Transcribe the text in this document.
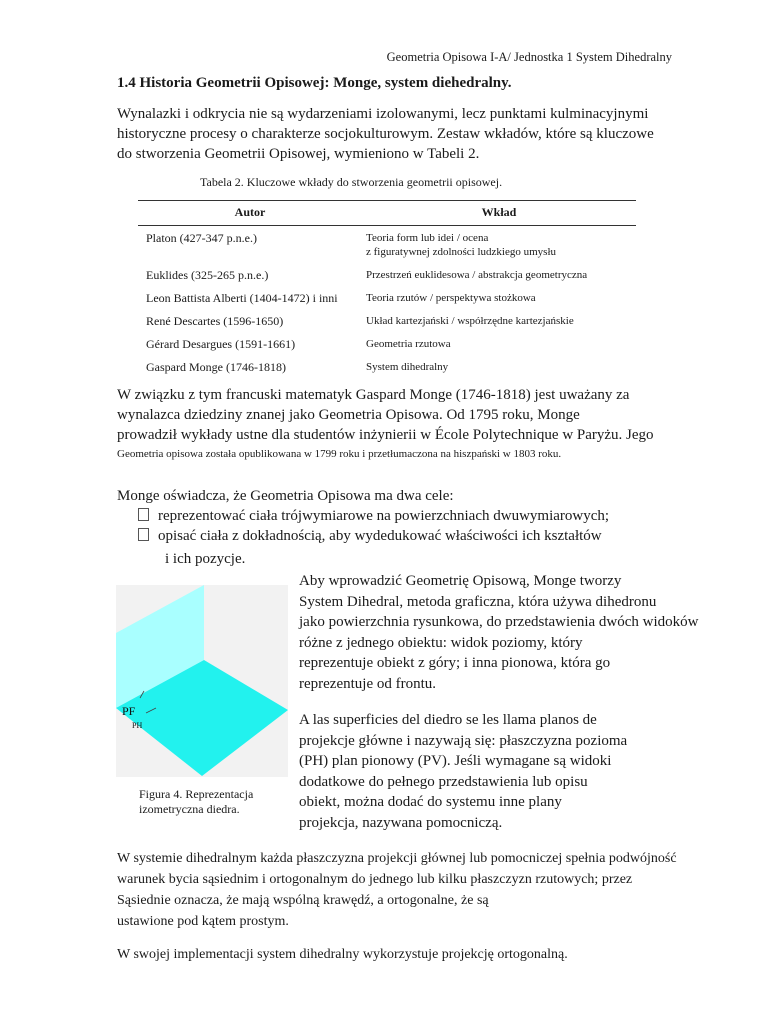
Geometria Opisowa I-A/ Jednostka 1 System Dihedralny
1.4 Historia Geometrii Opisowej: Monge, system diehedralny.
Wynalazki i odkrycia nie są wydarzeniami izolowanymi, lecz punktami kulminacyjnymi
historyczne procesy o charakterze socjokulturowym. Zestaw wkładów, które są kluczowe
do stworzenia Geometrii Opisowej, wymieniono w Tabeli 2.
Tabela 2. Kluczowe wkłady do stworzenia geometrii opisowej.
Autor	Wkład
Platon (427-347 p.n.e.)	Teoria form lub idei / ocena
z figuratywnej zdolności ludzkiego umysłu

Euklides (325-265 p.n.e.)	Przestrzeń euklidesowa / abstrakcja geometryczna
Leon Battista Alberti (1404-1472) i inni	Teoria rzutów / perspektywa stożkowa
René Descartes (1596-1650)	Układ kartezjański / współrzędne kartezjańskie
Gérard Desargues (1591-1661)	Geometria rzutowa
Gaspard Monge (1746-1818)	System dihedralny
W związku z tym francuski matematyk Gaspard Monge (1746-1818) jest uważany za
wynalazca dziedziny znanej jako Geometria Opisowa. Od 1795 roku, Monge
prowadził wykłady ustne dla studentów inżynierii w École Polytechnique w Paryżu. Jego
Geometria opisowa została opublikowana w 1799 roku i przetłumaczona na hiszpański w 1803 roku.
Monge oświadcza, że Geometria Opisowa ma dwa cele:
reprezentować ciała trójwymiarowe na powierzchniach dwuwymiarowych;
opisać ciała z dokładnością, aby wydedukować właściwości ich kształtów
i ich pozycje.
PF
PH
Figura 4. Reprezentacja
izometryczna diedra.
Aby wprowadzić Geometrię Opisową, Monge tworzy
System Dihedral, metoda graficzna, która używa dihedronu
jako powierzchnia rysunkowa, do przedstawienia dwóch widoków
różne z jednego obiektu: widok poziomy, który
reprezentuje obiekt z góry; i inna pionowa, która go
reprezentuje od frontu.
A las superficies del diedro se les llama planos de
projekcje główne i nazywają się: płaszczyzna pozioma
(PH) plan pionowy (PV). Jeśli wymagane są widoki
dodatkowe do pełnego przedstawienia lub opisu
obiekt, można dodać do systemu inne plany
projekcja, nazywana pomocniczą.
W systemie dihedralnym każda płaszczyzna projekcji głównej lub pomocniczej spełnia podwójność
warunek bycia sąsiednim i ortogonalnym do jednego lub kilku płaszczyzn rzutowych; przez
Sąsiednie oznacza, że mają wspólną krawędź, a ortogonalne, że są
ustawione pod kątem prostym.
W swojej implementacji system dihedralny wykorzystuje projekcję ortogonalną.
